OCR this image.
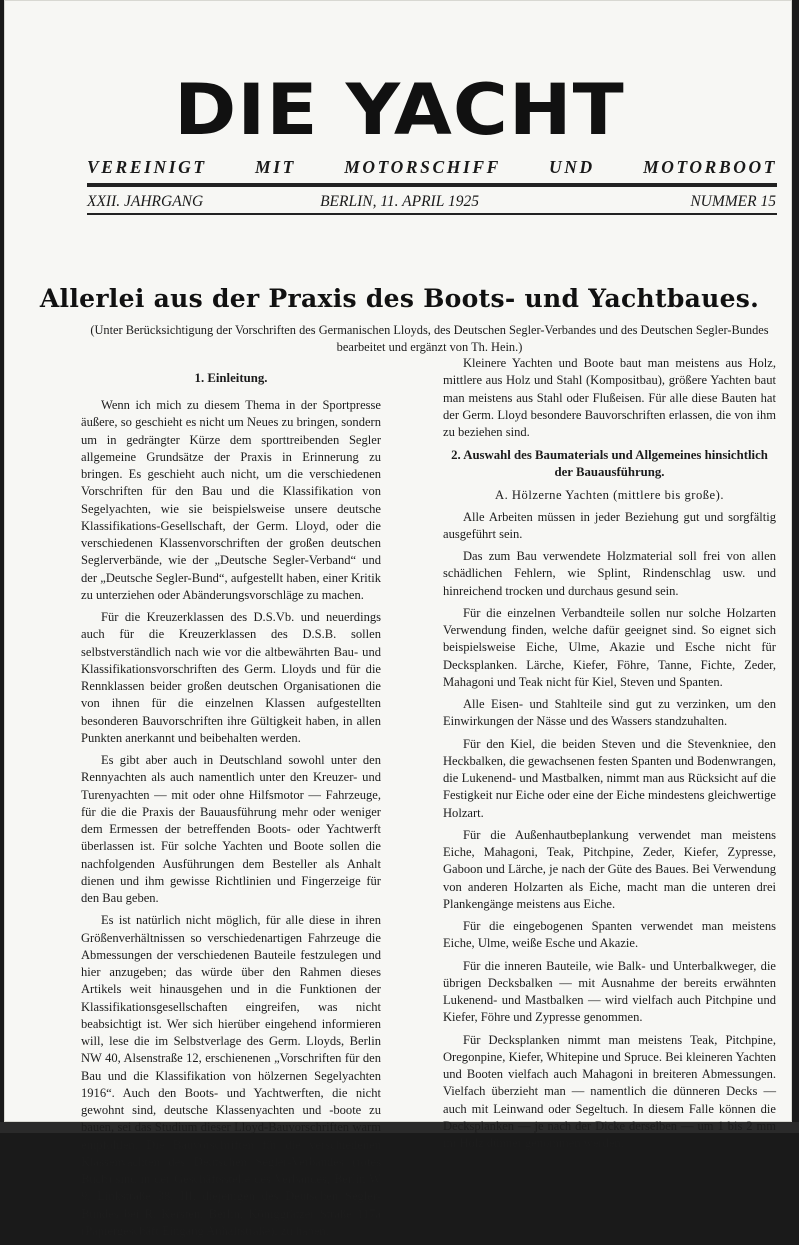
DIE YACHT
VEREINIGT MIT MOTORSCHIFF UND MOTORBOOT
XXII. JAHRGANG	BERLIN, 11. APRIL 1925	NUMMER 15
Allerlei aus der Praxis des Boots- und Yachtbaues.
(Unter Berücksichtigung der Vorschriften des Germanischen Lloyds, des Deutschen Segler-Verbandes und des Deutschen Segler-Bundes bearbeitet und ergänzt von Th. Hein.)
1. Einleitung.

Wenn ich mich zu diesem Thema in der Sportpresse äußere, so geschieht es nicht um Neues zu bringen, sondern um in gedrängter Kürze dem sporttreibenden Segler allgemeine Grundsätze der Praxis in Erinnerung zu bringen. Es geschieht auch nicht, um die verschiedenen Vorschriften für den Bau und die Klassifikation von Segelyachten, wie sie beispielsweise unsere deutsche Klassifikations-Gesellschaft, der Germ. Lloyd, oder die verschiedenen Klassenvorschriften der großen deutschen Seglerverbände, wie der „Deutsche Segler-Verband“ und der „Deutsche Segler-Bund“, aufgestellt haben, einer Kritik zu unterziehen oder Abänderungsvorschläge zu machen.

Für die Kreuzerklassen des D.S.Vb. und neuerdings auch für die Kreuzerklassen des D.S.B. sollen selbstverständlich nach wie vor die altbewährten Bau- und Klassifikationsvorschriften des Germ. Lloyds und für die Rennklassen beider großen deutschen Organisationen die von ihnen für die einzelnen Klassen aufgestellten besonderen Bauvorschriften ihre Gültigkeit haben, in allen Punkten anerkannt und beibehalten werden.

Es gibt aber auch in Deutschland sowohl unter den Rennyachten als auch namentlich unter den Kreuzer- und Turenyachten — mit oder ohne Hilfsmotor — Fahrzeuge, für die die Praxis der Bauausführung mehr oder weniger dem Ermessen der betreffenden Boots- oder Yachtwerft überlassen ist. Für solche Yachten und Boote sollen die nachfolgenden Ausführungen dem Besteller als Anhalt dienen und ihm gewisse Richtlinien und Fingerzeige für den Bau geben.

Es ist natürlich nicht möglich, für alle diese in ihren Größenverhältnissen so verschiedenartigen Fahrzeuge die Abmessungen der verschiedenen Bauteile festzulegen und hier anzugeben; das würde über den Rahmen dieses Artikels weit hinausgehen und in die Funktionen der Klassifikationsgesellschaften eingreifen, was nicht beabsichtigt ist. Wer sich hierüber eingehend informieren will, lese die im Selbstverlage des Germ. Lloyds, Berlin NW 40, Alsenstraße 12, erschienenen „Vorschriften für den Bau und die Klassifikation von hölzernen Segelyachten 1916“. Auch den Boots- und Yachtwerften, die nicht gewohnt sind, deutsche Klassenyachten und -boote zu bauen, sei das Studium dieser Lloyd-Bauvorschriften warm empfohlen. Die Bauvorschriften für die verschiedenen Klassenyachten des Deutschen Segler-Verbandes (rotes Buch) sind in der Geschäftsstelle des Verbandes, Berlin W 9, Linkstraße 38, III, diejenigen des Deutschen Segler-Bundes bei R. Kersten, Berlin, Königgrätzer Straße 117a (Papiergeschäft Eingang Anhaltstraße), zu haben. —

Kleinere Yachten und Boote baut man meistens aus Holz, mittlere aus Holz und Stahl (Kompositbau), größere Yachten baut man meistens aus Stahl oder Flußeisen. Für alle diese Bauten hat der Germ. Lloyd besondere Bauvorschriften erlassen, die von ihm zu beziehen sind.

2. Auswahl des Baumaterials und Allgemeines hinsichtlich der Bauausführung.
A. Hölzerne Yachten (mittlere bis große).

Alle Arbeiten müssen in jeder Beziehung gut und sorgfältig ausgeführt sein.

Das zum Bau verwendete Holzmaterial soll frei von allen schädlichen Fehlern, wie Splint, Rindenschlag usw. und hinreichend trocken und durchaus gesund sein.

Für die einzelnen Verbandteile sollen nur solche Holzarten Verwendung finden, welche dafür geeignet sind. So eignet sich beispielsweise Eiche, Ulme, Akazie und Esche nicht für Decksplanken. Lärche, Kiefer, Föhre, Tanne, Fichte, Zeder, Mahagoni und Teak nicht für Kiel, Steven und Spanten.

Alle Eisen- und Stahlteile sind gut zu verzinken, um den Einwirkungen der Nässe und des Wassers standzuhalten.

Für den Kiel, die beiden Steven und die Stevenkniee, den Heckbalken, die gewachsenen festen Spanten und Bodenwrangen, die Lukenend- und Mastbalken, nimmt man aus Rücksicht auf die Festigkeit nur Eiche oder eine der Eiche mindestens gleichwertige Holzart.

Für die Außenhautbeplankung verwendet man meistens Eiche, Mahagoni, Teak, Pitchpine, Zeder, Kiefer, Zypresse, Gaboon und Lärche, je nach der Güte des Baues. Bei Verwendung von anderen Holzarten als Eiche, macht man die unteren drei Plankengänge meistens aus Eiche.

Für die eingebogenen Spanten verwendet man meistens Eiche, Ulme, weiße Esche und Akazie.

Für die inneren Bauteile, wie Balk- und Unterbalkweger, die übrigen Decksbalken — mit Ausnahme der bereits erwähnten Lukenend- und Mastbalken — wird vielfach auch Pitchpine und Kiefer, Föhre und Zypresse genommen.

Für Decksplanken nimmt man meistens Teak, Pitchpine, Oregonpine, Kiefer, Whitepine und Spruce. Bei kleineren Yachten und Booten vielfach auch Mahagoni in breiteren Abmessungen. Vielfach überzieht man — namentlich die dünneren Decks — auch mit Leinwand oder Segeltuch. In diesem Falle können die Decksplanken — je nach der Dicke derselben — um 1 bis 2 mm im Holz dünner genommen werden.
